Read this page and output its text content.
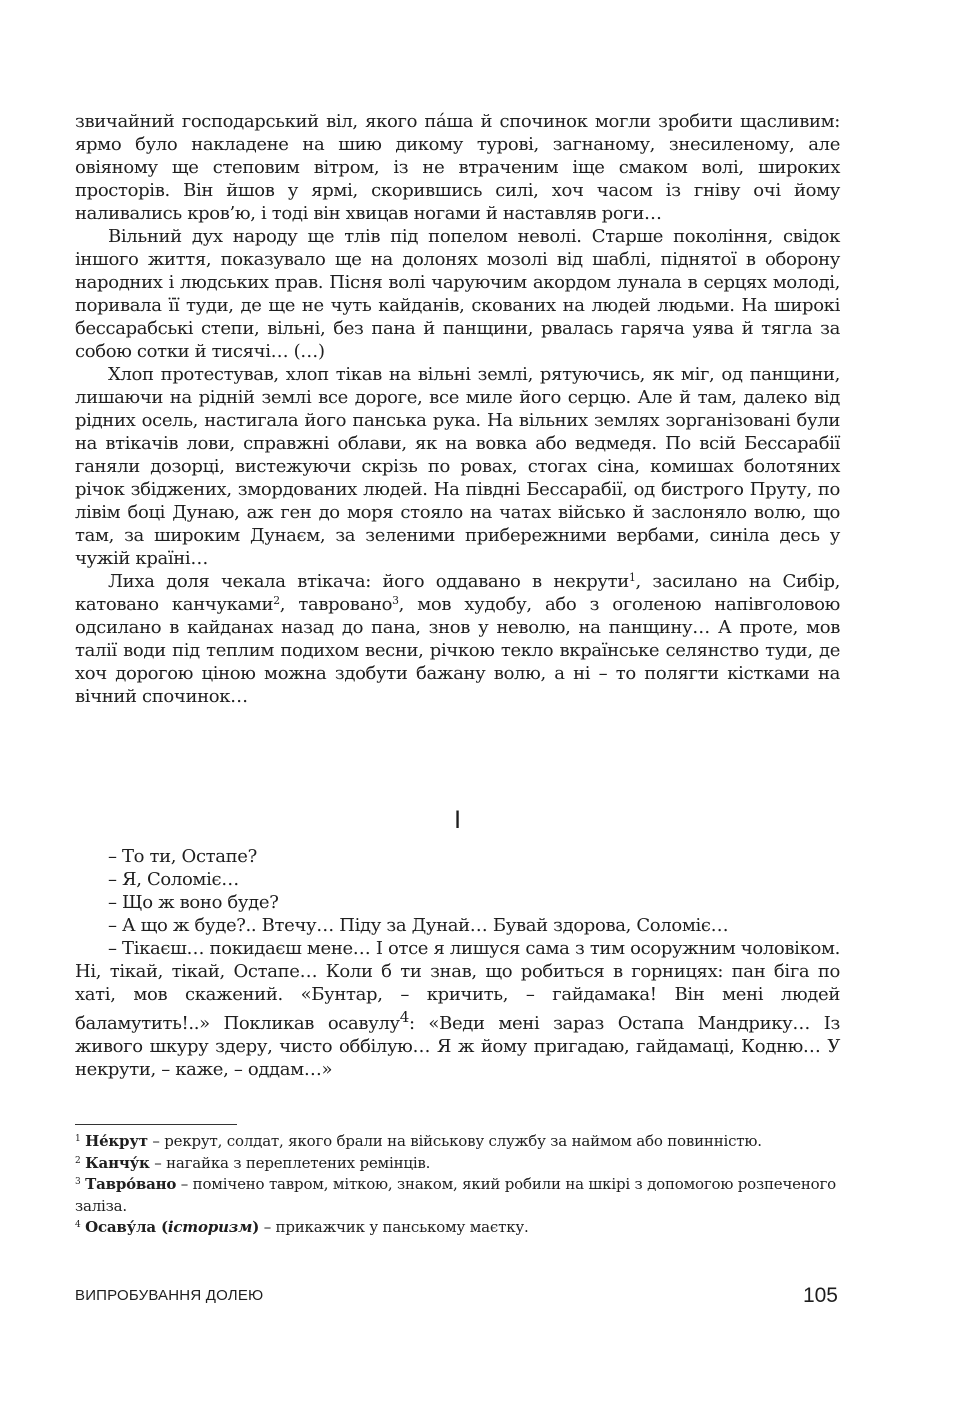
звичайний господарський віл, якого па́ша й спочинок могли зробити щасливим: ярмо було накладене на шию дикому турові, загнаному, знесиленому, але овіяному ще степовим вітром, із не втраченим іще смаком волі, широких просторів. Він йшов у ярмі, скорившись силі, хоч часом із гніву очі йому наливались кров’ю, і тоді він хвицав ногами й наставляв роги…

Вільний дух народу ще тлів під попелом неволі. Старше покоління, свідок іншого життя, показувало ще на долонях мозолі від шаблі, піднятої в оборону народних і людських прав. Пісня волі чаруючим акордом лунала в серцях молоді, поривала її туди, де ще не чуть кайданів, скованих на людей людьми. На широкі бессарабські степи, вільні, без пана й панщини, рвалась гаряча уява й тягла за собою сотки й тисячі… (…)

Хлоп протестував, хлоп тікав на вільні землі, рятуючись, як міг, од панщини, лишаючи на рідній землі все дороге, все миле його серцю. Але й там, далеко від рідних осель, настигала його панська рука. На вільних землях зорганізовані були на втікачів лови, справжні облави, як на вовка або ведмедя. По всій Бессарабії ганяли дозорці, вистежуючи скрізь по ровах, стогах сіна, комишах болотяних річок збіджених, змордованих людей. На півдні Бессарабії, од бистрого Пруту, по лівім боці Дунаю, аж ген до моря стояло на чатах військо й заслоняло волю, що там, за широким Дунаєм, за зеленими прибережними вербами, синіла десь у чужій країні…

Лиха доля чекала втікача: його оддавано в некрути$^1$, засилано на Сибір, катовано канчуками$^2$, таврованo$^3$, мов худобу, або з оголеною напівголовою одсилано в кайданах назад до пана, знов у неволю, на панщину… А проте, мов талії води під теплим подихом весни, річкою текло вкраїнське селянство туди, де хоч дорогою ціною можна здобути бажану волю, а ні – то полягти кістками на вічний спочинок…

I

– То ти, Остапе?

– Я, Соломіє…

– Що ж воно буде?

– А що ж буде?.. Втечу… Піду за Дунай… Бувай здорова, Соломіє…

– Тікаєш… покидаєш мене… І отсе я лишуся сама з тим осоружним чоловіком. Ні, тікай, тікай, Остапе… Коли б ти знав, що робиться в горницях: пан біга по хаті, мов скажений. «Бунтар, – кричить, – гайдамака! Він мені людей баламутить!..» Покликав осавулу$^4$: «Веди мені зараз Остапа Мандрику… Із живого шкуру здеру, чисто оббілую… Я ж йому пригадаю, гайдамаці, Кодню… У некрути, – каже, – оддам…»

$^1$ Не́крут – рекрут, солдат, якого брали на військову службу за наймом або повинністю.

$^2$ Канчу́к – нагайка з переплетених ремінців.

$^3$ Тавро́вано – помічено тавром, міткою, знаком, який робили на шкірі з допомогою розпеченого заліза.

$^4$ Осаву́ла (історизм) – прикажчик у панському маєтку.

ВИПРОБУВАННЯ ДОЛЕЮ	105
